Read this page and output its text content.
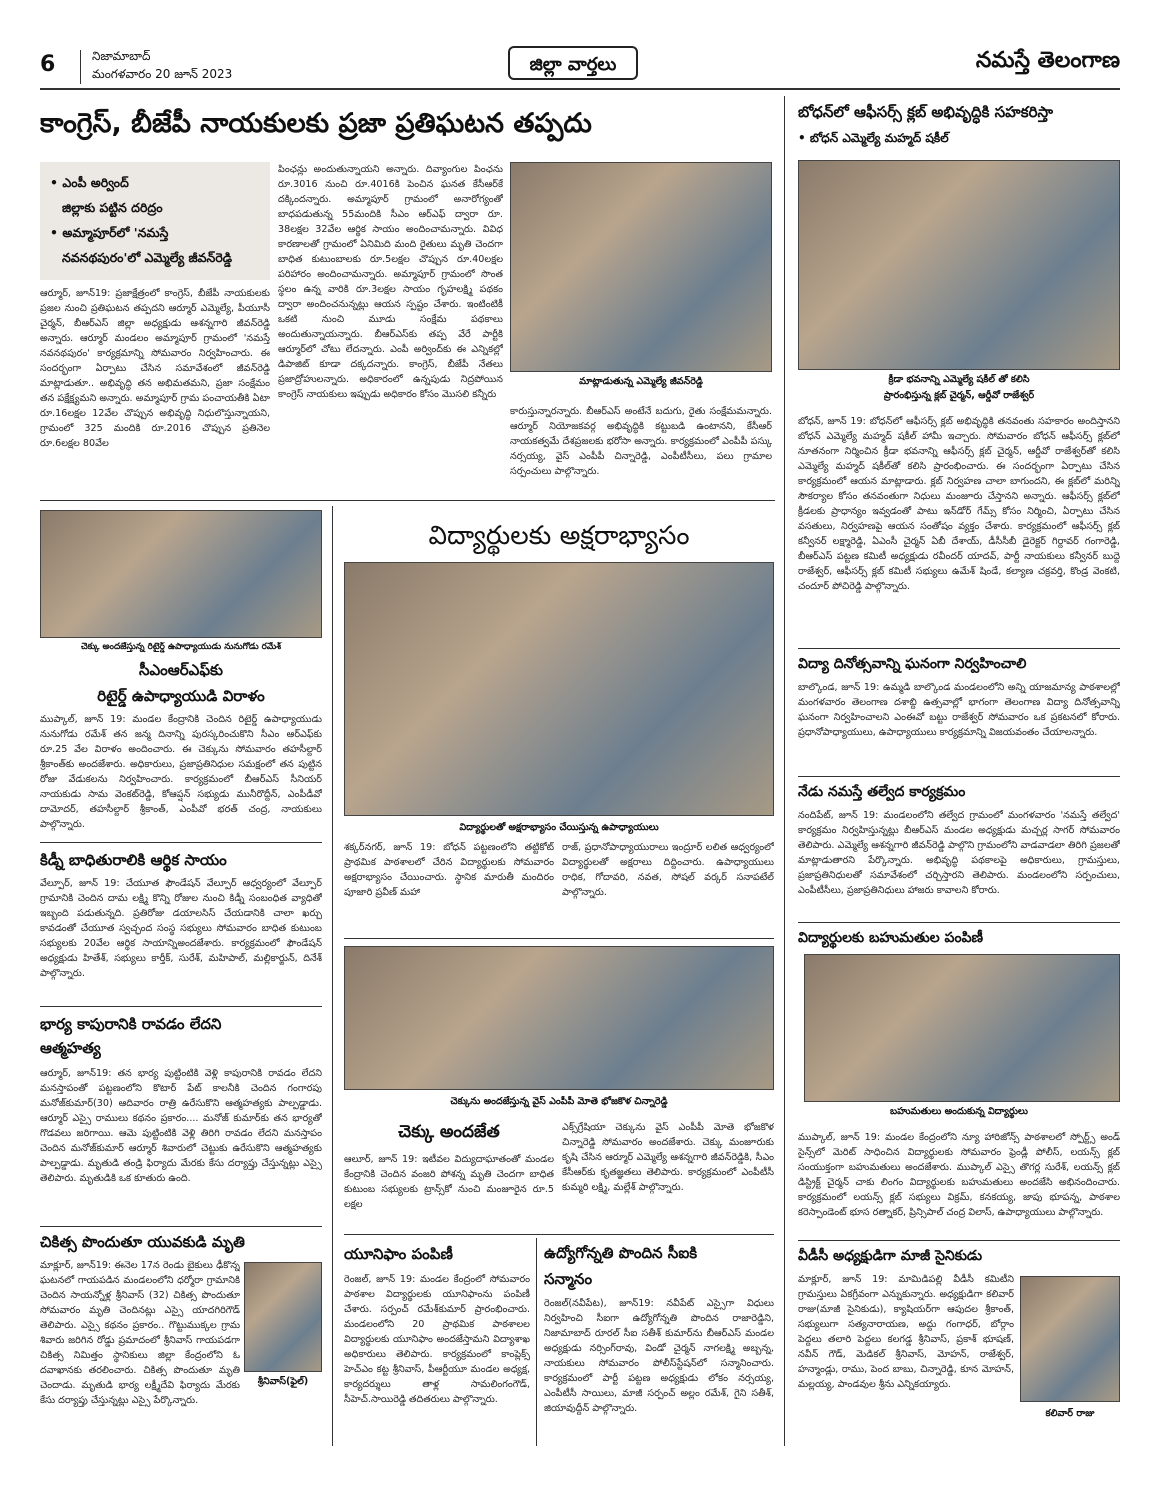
6	నిజామాబాద్
మంగళవారం 20 జూన్ 2023	జిల్లా వార్తలు	నమస్తే తెలంగాణ
కాంగ్రెస్, బీజేపీ నాయకులకు ప్రజా ప్రతిఘటన తప్పదు
• ఎంపీ అర్వింద్
జిల్లాకు పట్టిన దరిద్రం
• అమ్మాపూర్‌లో 'నమస్తే
నవనథపురం'లో ఎమ్మెల్యే జీవన్‌రెడ్డి
ఆర్మూర్, జూన్19: ప్రజాక్షేత్రంలో కాంగ్రెస్, బీజేపీ నాయకులకు ప్రజల నుంచి ప్రతిఘటన తప్పదని ఆర్మూర్ ఎమ్మెల్యే, పీయూసీ చైర్మన్, బీఆర్‌ఎస్ జిల్లా అధ్యక్షుడు ఆశన్నగారి జీవన్‌రెడ్డి అన్నారు. ఆర్మూర్ మండలం అమ్మాపూర్ గ్రామంలో 'నమస్తే నవనథపురం' కార్యక్రమాన్ని సోమవారం నిర్వహించారు. ఈ సందర్భంగా ఏర్పాటు చేసిన సమావేశంలో జీవన్‌రెడ్డి మాట్లాడుతూ.. అభివృద్ధి తన అభిమతమని, ప్రజా సంక్షేమం తన పక్షేక్ష్యమని అన్నారు. అమ్మాపూర్ గ్రామ పంచాయతీకి ఏటా రూ.16లక్షల 12వేల చొప్పున అభివృద్ధి నిధులొస్తున్నాయని, గ్రామంలో 325 మందికి రూ.2016 చొప్పున ప్రతినెల రూ.6లక్షల 80వేల
పింఛన్లు అందుతున్నాయని అన్నారు. దివ్యాంగుల పింఛను రూ.3016 నుంచి రూ.4016కి పెంచిన ఘనత కేసీఆర్‌కే దక్కిందన్నారు. అమ్మాపూర్ గ్రామంలో అనారోగ్యంతో బాధపడుతున్న 55మందికి సీఎం ఆర్‌ఎఫ్ ద్వారా రూ. 38లక్షల 32వేల ఆర్థిక సాయం అందించామన్నారు. వివిధ కారణాలతో గ్రామంలో ఏనిమిది మంది రైతులు మృతి చెందగా బాధిత కుటుంబాలకు రూ.5లక్షల చొప్పున రూ.40లక్షల పరిహారం అందించామన్నారు. అమ్మాపూర్ గ్రామంలో సొంత స్థలం ఉన్న వారికి రూ.3లక్షల సాయం గృహలక్ష్మి పథకం ద్వారా అందించనున్నట్లు ఆయన స్పష్టం చేశారు. ఇంటింటికీ ఒకటి నుంచి మూడు సంక్షేమ పథకాలు అందుతున్నాయన్నారు. బీఆర్‌ఎస్‌కు తప్ప వేరే పార్టీకి ఆర్మూర్‌లో చోటు లేదన్నారు. ఎంపీ అర్వింద్‌కు ఈ ఎన్నికల్లో డిపాజిట్ కూడా దక్కదన్నారు. కాంగ్రెస్, బీజేపీ నేతలు ప్రజాద్రోహులన్నారు. అధికారంలో ఉన్నపుడు నిద్రపోయిన కాంగ్రెస్ నాయకులు ఇప్పుడు అధికారం కోసం మొసలి కన్నీరు
మాట్లాడుతున్న ఎమ్మెల్యే జీవన్‌రెడ్డి
కారుస్తున్నారన్నారు. బీఆర్‌ఎస్ అంటేనే బదుగు, రైతు సంక్షేమమన్నారు. ఆర్మూర్ నియోజకవర్గ అభివృద్ధికి కట్టుబడి ఉంటానని, కేసీఆర్ నాయకత్వమే దేశప్రజలకు భరోసా అన్నారు. కార్యక్రమంలో ఎంపీపీ పస్కు నర్సయ్య, వైస్ ఎంపీపీ చిన్నారెడ్డి, ఎంపీటీసీలు, పలు గ్రామాల సర్పంచులు పాల్గొన్నారు.
బోధన్‌లో ఆఫీసర్స్ క్లబ్ అభివృద్ధికి సహకరిస్తా
• బోధన్ ఎమ్మెల్యే మహ్మద్ షకీల్
క్రీడా భవనాన్ని ఎమ్మెల్యే షకీల్ తో కలిసి
ప్రారంభిస్తున్న క్లబ్ చైర్మన్, ఆర్డీవో రాజేశ్వర్
బోధన్, జూన్ 19: బోధన్‌లో ఆఫీసర్స్ క్లబ్ అభివృద్ధికి తనవంతు సహకారం అందిస్తానని బోధన్ ఎమ్మెల్యే మహ్మద్ షకీల్ హామీ ఇచ్చారు. సోమవారం బోధన్ ఆఫీసర్స్ క్లబ్‌లో నూతనంగా నిర్మించిన క్రీడా భవనాన్ని ఆఫీసర్స్ క్లబ్ చైర్మన్, ఆర్డీవో రాజేశ్వర్‌తో కలిసి ఎమ్మెల్యే మహ్మద్ షకీల్‌తో కలిసి ప్రారంభించారు. ఈ సందర్భంగా ఏర్పాటు చేసిన కార్యక్రమంలో ఆయన మాట్లాడారు. క్లబ్ నిర్వహణ చాలా బాగుందని, ఈ క్లబ్‌లో మరిన్ని సౌకర్యాల కోసం తనవంతుగా నిధులు మంజూరు చేస్తానని అన్నారు. ఆఫీసర్స్ క్లబ్‌లో క్రీడలకు ప్రాధాన్యం ఇవ్వడంతో పాటు ఇన్‌డోర్ గేమ్స్ కోసం నిర్మించి, ఏర్పాటు చేసిన వసతులు, నిర్వహణపై ఆయన సంతోషం వ్యక్తం చేశారు. కార్యక్రమంలో ఆఫీసర్స్ క్లబ్ కన్వీనర్ లక్ష్మారెడ్డి, ఏఎంసీ చైర్మన్ ఏబీ దేశాయ్, డీసీసీబీ డైరెక్టర్ గిర్దావర్ గంగారెడ్డి, బీఆర్‌ఎస్ పట్టణ కమిటీ అధ్యక్షుడు రవీందర్ యాదవ్, పార్టీ నాయకులు కన్వీనర్ బుద్దె రాజేశ్వర్, ఆఫీసర్స్ క్లబ్ కమిటీ సభ్యులు ఉమేశ్ షిండే, కల్యాణ చక్రవర్తి, కొండ్ర వెంకటి, చందూర్ పోచిరెడ్డి పాల్గొన్నారు.
చెక్కు అందజేస్తున్న రిటైర్డ్ ఉపాధ్యాయుడు నునుగోడు రమేశ్
సీఎంఆర్‌ఎఫ్‌కు
రిటైర్డ్ ఉపాధ్యాయుడి విరాళం
ముప్కాల్, జూన్ 19: మండల కేంద్రానికి చెందిన రిటైర్డ్ ఉపాధ్యాయుడు నునుగోడు రమేశ్ తన జన్మ దినాన్ని పురస్కరించుకొని సీఎం ఆర్‌ఎఫ్‌కు రూ.25 వేల విరాళం అందించారు. ఈ చెక్కును సోమవారం తహసీల్దార్ శ్రీకాంత్‌కు అందజేశారు. అధికారులు, ప్రజాప్రతినిధుల సమక్షంలో తన పుట్టిన రోజు వేడుకలను నిర్వహించారు. కార్యక్రమంలో బీఆర్‌ఎస్ సీనియర్ నాయకుడు సామ వెంకట్‌రెడ్డి, కోఆప్షన్ సభ్యుడు మునీరొద్దీన్, ఎంపీడీవో దామోదర్, తహసీల్దార్ శ్రీకాంత్, ఎంపీవో భరత్ చంద్ర, నాయకులు పాల్గొన్నారు.
కిడ్నీ బాధితురాలికి ఆర్థిక సాయం
వేల్పూర్, జూన్ 19: చేయూత ఫౌండేషన్ వేల్పూర్ ఆధ్వర్యంలో వేల్పూర్ గ్రామానికి చెందిన దామ లక్ష్మి కొన్ని రోజుల నుంచి కిడ్నీ సంబంధిత వ్యాధితో ఇబ్బంది పడుతున్నది. ప్రతిరోజు డయాలసిస్ చేయడానికి చాలా ఖర్చు కావడంతో చేయూత స్వచ్ఛంద సంస్థ సభ్యులు సోమవారం బాధిత కుటుంబ సభ్యులకు 20వేల ఆర్థిక సాయాన్నిఅందజేశారు. కార్యక్రమంలో ఫౌండేషన్ అధ్యక్షుడు హితేశ్, సభ్యులు కార్తీక్, సురేశ్, మహిపాల్, మల్లికార్జున్, దినేశ్ పాల్గొన్నారు.
భార్య కాపురానికి రావడం లేదని
ఆత్మహత్య
ఆర్మూర్, జూన్19: తన భార్య పుట్టింటికి వెళ్లి కాపురానికి రావడం లేదని మనస్తాపంతో పట్టణంలోని కొటార్ పేట్ కాలనీకి చెందిన గంగారపు మనోజ్‌కుమార్(30) ఆదివారం రాత్రి ఉరేసుకొని ఆత్మహత్యకు పాల్పడ్డాడు. ఆర్మూర్ ఎస్సై రాములు కథనం ప్రకారం.... మనోజ్ కుమార్‌కు తన భార్యతో గొడవలు జరిగాయి. ఆమె పుట్టింటికి వెళ్లి తిరిగి రావడం లేదని మనస్తాపం చెందిన మనోజ్‌కుమార్ ఆర్మూర్ శివారులో చెట్టుకు ఉరేసుకొని ఆత్మహత్యకు పాల్పడ్డాడు. మృతుడి తండ్రి ఫిర్యాదు మేరకు కేసు దర్యాప్తు చేస్తున్నట్లు ఎస్సై తెలిపారు. మృతుడికి ఒక కూతురు ఉంది.
చికిత్స పొందుతూ యువకుడి మృతి
మాక్లూర్, జూన్19: ఈనెల 17న రెండు బైకులు ఢీకొన్న ఘటనలో గాయపడిన మండలంలోని ధర్మోరా గ్రామానికి చెందిన సాయన్నోళ్ల శ్రీనివాస్ (32) చికిత్స పొందుతూ సోమవారం మృతి చెందినట్లు ఎస్సై యాదగిరిగౌడ్ తెలిపారు. ఎస్సై కథనం ప్రకారం.. గొట్టుముక్కల గ్రామ శివారు జరిగిన రోడ్డు ప్రమాదంలో శ్రీనివాస్ గాయపడగా చికిత్స నిమిత్తం స్థానికులు జిల్లా కేంద్రంలోని ఓ దవాఖానకు తరలించారు. చికిత్స పొందుతూ మృతి చెందాడు. మృతుడి భార్య లక్ష్మీదేవి ఫిర్యాదు మేరకు కేసు దర్యాప్తు చేస్తున్నట్లు ఎస్సై పేర్కొన్నారు.
శ్రీనివాస్(ఫైల్)
విద్యార్థులకు అక్షరాభ్యాసం
విద్యార్థులతో అక్షరాభ్యాసం చేయిస్తున్న ఉపాధ్యాయులు
శక్కర్‌నగర్, జూన్ 19: బోధన్ పట్టణంలోని తట్టికోట్ ప్రాథమిక పాఠశాలలో చేరిన విద్యార్థులకు సోమవారం అక్షరాభ్యాసం చేయించారు. స్థానిక మారుతీ మందిరం పూజారి ప్రవీణ్ మహా
రాజ్, ప్రధానోపాధ్యాయురాలు ఇంద్రూర్ లలిత ఆధ్వర్యంలో విద్యార్థులతో అక్షరాలు దిద్దించారు. ఉపాధ్యాయులు రాధిక, గోదావరి, నవత, సోషల్ వర్కర్ సనాపటేల్ పాల్గొన్నారు.
చెక్కును అందజేస్తున్న వైస్ ఎంపీపీ మోతె భోజకొళ చిన్నారెడ్డి
చెక్కు అందజేత
ఆలూర్, జూన్ 19: ఇటీవల విద్యుదాఘాతంతో మండల కేంద్రానికి చెందిన వంజరి పోశన్న మృతి చెందగా బాధిత కుటుంబ సభ్యులకు ట్రాన్స్‌కో నుంచి మంజూరైన రూ.5 లక్షల
ఎక్స్‌గ్రేషియా చెక్కును వైస్ ఎంపీపీ మోతె భోజకొళ చిన్నారెడ్డి సోమవారం అందజేశారు. చెక్కు మంజూరుకు కృషి చేసిన ఆర్మూర్ ఎమ్మెల్యే ఆశన్నగారి జీవన్‌రెడ్డికి, సీఎం కేసీఆర్‌కు కృతజ్ఞతలు తెలిపారు. కార్యక్రమంలో ఎంపీటీసీ కుమ్మరి లక్ష్మి, మల్లేశ్ పాల్గొన్నారు.
యూనిఫాం పంపిణీ
రెంజల్, జూన్ 19: మండల కేంద్రంలో సోమవారం పాఠశాల విద్యార్థులకు యూనిఫాంను పంపిణీ చేశారు. సర్పంచ్ రమేశ్‌కుమార్ ప్రారంభించారు. మండలంలోని 20 ప్రాథమిక పాఠశాలల విద్యార్థులకు యూనిఫాం అందజేస్తామని విద్యాశాఖ అధికారులు తెలిపారు. కార్యక్రమంలో కాంప్లెక్స్ హెచ్‌ఎం కట్ట శ్రీనివాస్, పీఆర్టీయూ మండల అధ్యక్ష, కార్యదర్శులు తాళ్ల సామలింగంగౌడ్, సీహెచ్.సాయిరెడ్డి తదితరులు పాల్గొన్నారు.
ఉద్యోగోన్నతి పొందిన సీఐకి
సన్మానం
రెంజల్(నవీపేట), జూన్19: నవీపేట్ ఎస్సైగా విధులు నిర్వహించి సీఐగా ఉద్యోగోన్నతి పొందిన రాజారెడ్డిని, నిజామాబాద్ రూరల్ సీఐ సతీశ్ కుమార్‌ను బీఆర్‌ఎస్ మండల అధ్యక్షుడు నర్సింగ్‌రావు, విండో చైర్మన్ నాగలక్ష్మి అబ్బన్న, నాయకులు సోమవారం పోలీస్‌స్టేషన్‌లో సన్మానించారు. కార్యక్రమంలో పార్టీ పట్టణ అధ్యక్షుడు లోకం నర్సయ్య, ఎంపీటీసీ సాయిలు, మాజీ సర్పంచ్ అల్లం రమేశ్, గైని సతీశ్, జియావుద్దీన్ పాల్గొన్నారు.
విద్యా దినోత్సవాన్ని ఘనంగా నిర్వహించాలి
బాల్కొండ, జూన్ 19: ఉమ్మడి బాల్కొండ మండలంలోని అన్ని యాజమాన్య పాఠశాలల్లో మంగళవారం తెలంగాణ దశాబ్ది ఉత్సవాల్లో భాగంగా తెలంగాణ విద్యా దినోత్సవాన్ని ఘనంగా నిర్వహించాలని ఎంఈవో బట్టు రాజేశ్వర్ సోమవారం ఒక ప్రకటనలో కోరారు. ప్రధానోపాధ్యాయులు, ఉపాధ్యాయులు కార్యక్రమాన్ని విజయవంతం చేయాలన్నారు.
నేడు నమస్తే తల్వేద కార్యక్రమం
నందిపేట్, జూన్ 19: మండలంలోని తల్వేద గ్రామంలో మంగళవారం 'నమస్తే తల్వేద' కార్యక్రమం నిర్వహిస్తున్నట్లు బీఆర్‌ఎస్ మండల అధ్యక్షుడు మచ్చర్ల సాగర్ సోమవారం తెలిపారు. ఎమ్మెల్యే ఆశన్నగారి జీవన్‌రెడ్డి పాల్గొని గ్రామంలోని వాడవాడలా తిరిగి ప్రజలతో మాట్లాడుతారని పేర్కొన్నారు. అభివృద్ధి పథకాలపై అధికారులు, గ్రామస్తులు, ప్రజాప్రతినిధులతో సమావేశంలో చర్చిస్తారని తెలిపారు. మండలంలోని సర్పంచులు, ఎంపీటీసీలు, ప్రజాప్రతినిధులు హాజరు కావాలని కోరారు.
విద్యార్థులకు బహుమతుల పంపిణీ
బహుమతులు అందుకున్న విద్యార్థులు
ముప్కాల్, జూన్ 19: మండల కేంద్రంలోని న్యూ హారిజోన్స్ పాఠశాలలో స్పోర్ట్స్ అండ్ సైన్స్‌లో మెరిట్ సాధించిన విద్యార్థులకు సోమవారం ఫ్రెండ్లీ పోలీస్, లయన్స్ క్లబ్ సంయుక్తంగా బహుమతులు అందజేశారు. ముప్కాల్ ఎస్సై తొగర్ల సురేశ్, లయన్స్ క్లబ్ డిస్ట్రిక్ట్ చైర్మన్ చాకు లింగం విద్యార్థులకు బహుమతులు అందజేసి అభినందించారు. కార్యక్రమంలో లయన్స్ క్లబ్ సభ్యులు విక్రమ్, కనకయ్య, జాపు భూపన్న, పాఠశాల కరెస్పాండెంట్ భూస రత్నాకర్, ప్రిన్సిపాల్ చంద్ర విలాస్, ఉపాధ్యాయులు పాల్గొన్నారు.
వీడీసీ అధ్యక్షుడిగా మాజీ సైనికుడు
మాక్లూర్, జూన్ 19: మామిడిపల్లి వీడీసీ కమిటీని గ్రామస్తులు ఏకగ్రీవంగా ఎన్నుకున్నారు. అధ్యక్షుడిగా కలివార్ రాజు(మాజీ సైనికుడు), క్యాషియర్‌గా ఆపుదల శ్రీకాంత్, సభ్యులుగా సత్యనారాయణ, అద్దు గంగాధర్, బోర్గాం పెద్దలు తలారి పెద్దలు కలగడ్డ శ్రీనివాస్, ప్రకాశ్ భూషణ్, నవీన్ గౌడ్, మెడికల్ శ్రీనివాస్, మోహన్, రాజేశ్వర్, హన్మాండ్లు, రాము, పెంద బాబు, చిన్నారెడ్డి, కూన మోహన్, మల్లయ్య, పాండవుల శ్రీను ఎన్నికయ్యారు.
కలివార్ రాజు
